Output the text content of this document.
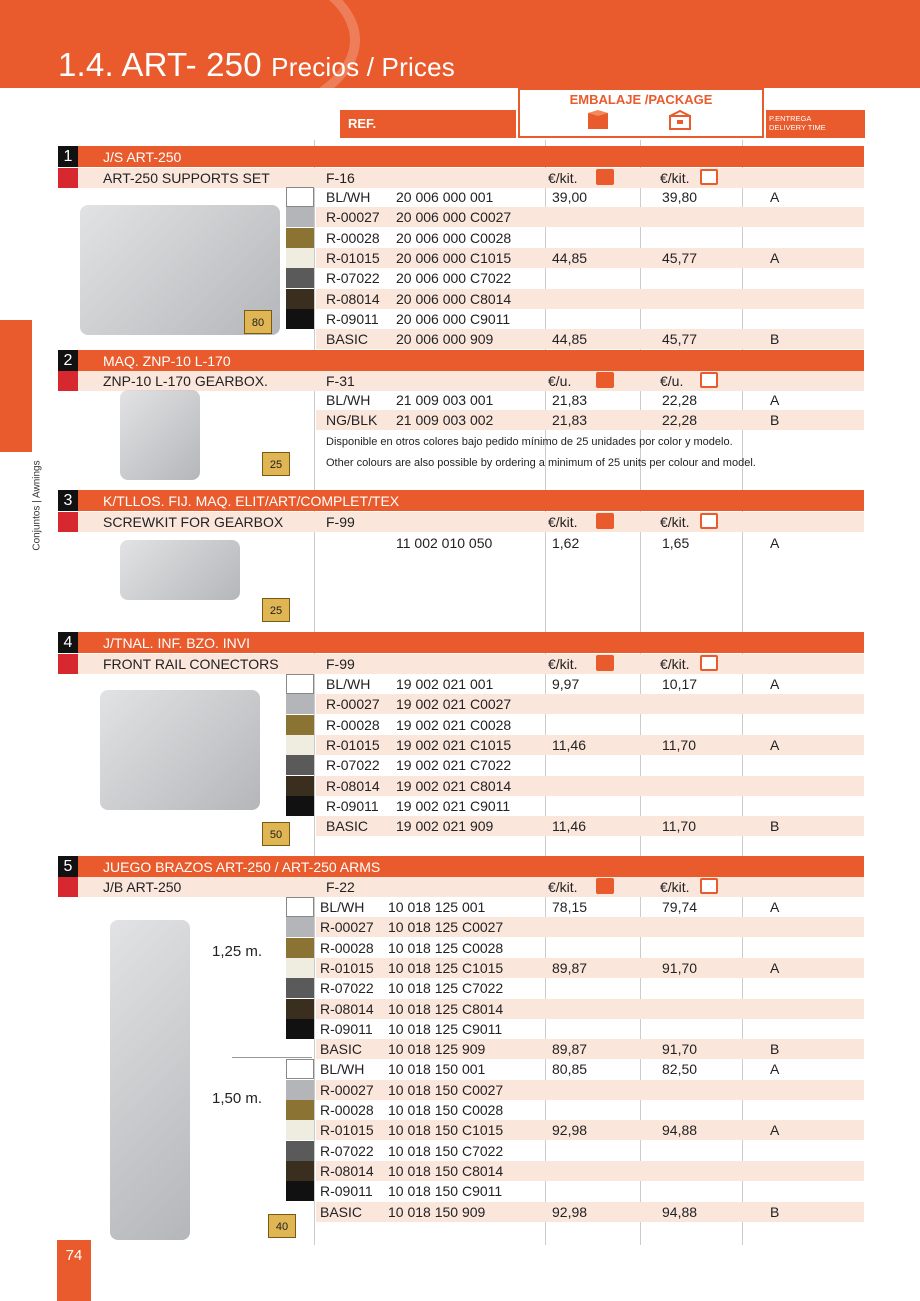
1.4. ART- 250 Precios / Prices
Conjuntos | Awnings
74
REF.
EMBALAJE /PACKAGE
P.ENTREGA
DELIVERY TIME
1	J/S ART-250
ART-250 SUPPORTS SET	F-16	€/kit.	€/kit.
80
BL/WH 20 006 000 001	39,00	39,80	A
R-00027 20 006 000 C0027
R-00028 20 006 000 C0028
R-01015 20 006 000 C1015	44,85	45,77	A
R-07022 20 006 000 C7022
R-08014 20 006 000 C8014
R-09011 20 006 000 C9011
BASIC 20 006 000 909	44,85	45,77	B
2	MAQ. ZNP-10 L-170
ZNP-10 L-170 GEARBOX.	F-31	€/u.	€/u.
25
BL/WH 21 009 003 001	21,83	22,28	A
NG/BLK 21 009 003 002	21,83	22,28	B
Disponible en otros colores bajo pedido mínimo de 25 unidades por color y modelo.
Other colours are also possible by ordering a minimum of 25 units per colour and model.
3	K/TLLOS. FIJ. MAQ. ELIT/ART/COMPLET/TEX
SCREWKIT FOR GEARBOX	F-99	€/kit.	€/kit.
25
11 002 010 050	1,62	1,65	A
4	J/TNAL. INF. BZO. INVI
FRONT RAIL CONECTORS	F-99	€/kit.	€/kit.
50
BL/WH 19 002 021 001	9,97	10,17	A
R-00027 19 002 021 C0027
R-00028 19 002 021 C0028
R-01015 19 002 021 C1015	11,46	11,70	A
R-07022 19 002 021 C7022
R-08014 19 002 021 C8014
R-09011 19 002 021 C9011
BASIC 19 002 021 909	11,46	11,70	B
5	JUEGO BRAZOS ART-250 / ART-250 ARMS
J/B ART-250	F-22	€/kit.	€/kit.
40
BL/WH 10 018 125 001	78,15	79,74	A
R-00027 10 018 125 C0027
R-00028 10 018 125 C0028
R-01015 10 018 125 C1015	89,87	91,70	A
R-07022 10 018 125 C7022
R-08014 10 018 125 C8014
R-09011 10 018 125 C9011
BASIC 10 018 125 909	89,87	91,70	B
BL/WH 10 018 150 001	80,85	82,50	A
R-00027 10 018 150 C0027
R-00028 10 018 150 C0028
R-01015 10 018 150 C1015	92,98	94,88	A
R-07022 10 018 150 C7022
R-08014 10 018 150 C8014
R-09011 10 018 150 C9011
BASIC 10 018 150 909	92,98	94,88	B
1,25 m.
1,50 m.
